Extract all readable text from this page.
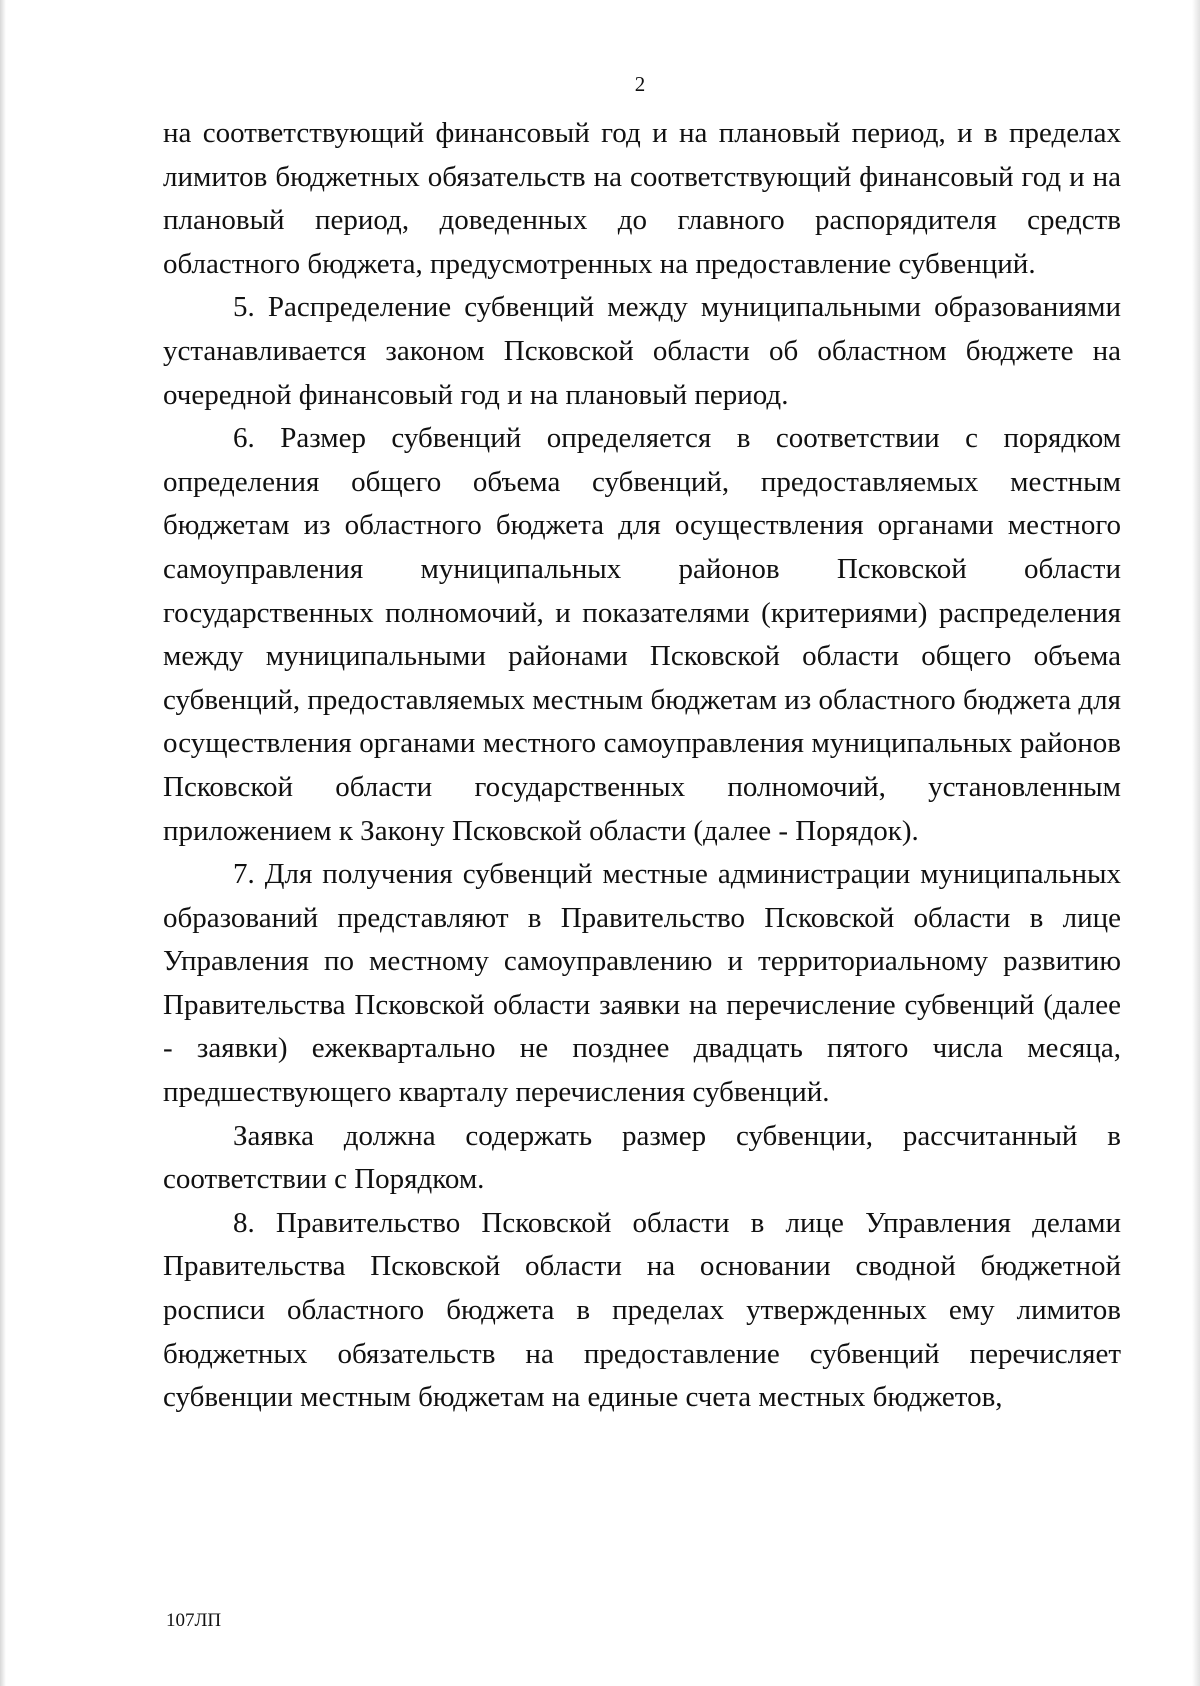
2

на соответствующий финансовый год и на плановый период, и в пределах лимитов бюджетных обязательств на соответствующий финансовый год и на плановый период, доведенных до главного распорядителя средств областного бюджета, предусмотренных на предоставление субвенций.

5. Распределение субвенций между муниципальными образованиями устанавливается законом Псковской области об областном бюджете на очередной финансовый год и на плановый период.

6. Размер субвенций определяется в соответствии с порядком определения общего объема субвенций, предоставляемых местным бюджетам из областного бюджета для осуществления органами местного самоуправления муниципальных районов Псковской области государственных полномочий, и показателями (критериями) распределения между муниципальными районами Псковской области общего объема субвенций, предоставляемых местным бюджетам из областного бюджета для осуществления органами местного самоуправления муниципальных районов Псковской области государственных полномочий, установленным приложением к Закону Псковской области (далее - Порядок).

7. Для получения субвенций местные администрации муниципальных образований представляют в Правительство Псковской области в лице Управления по местному самоуправлению и территориальному развитию Правительства Псковской области заявки на перечисление субвенций (далее - заявки) ежеквартально не позднее двадцать пятого числа месяца, предшествующего кварталу перечисления субвенций.

Заявка должна содержать размер субвенции, рассчитанный в соответствии с Порядком.

8. Правительство Псковской области в лице Управления делами Правительства Псковской области на основании сводной бюджетной росписи областного бюджета в пределах утвержденных ему лимитов бюджетных обязательств на предоставление субвенций перечисляет субвенции местным бюджетам на единые счета местных бюджетов,

107ЛП
